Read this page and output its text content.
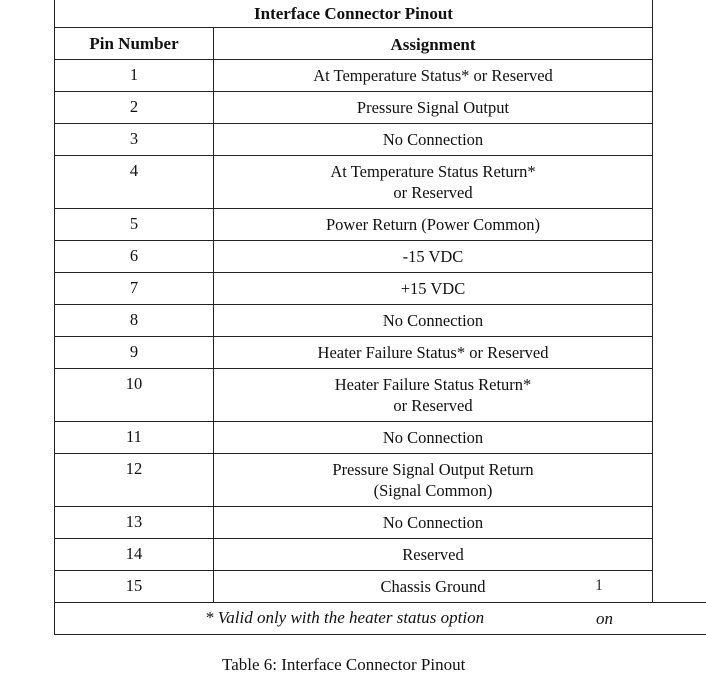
Interface Connector Pinout
Pin Number	Assignment
1	At Temperature Status* or Reserved
2	Pressure Signal Output
3	No Connection
4	At Temperature Status Return*
or Reserved
5	Power Return (Power Common)
6	-15 VDC
7	+15 VDC
8	No Connection
9	Heater Failure Status* or Reserved
10	Heater Failure Status Return*
or Reserved
11	No Connection
12	Pressure Signal Output Return
(Signal Common)
13	No Connection
14	Reserved
15	Chassis Ground	1
* Valid only with the heater status option	on
Table 6: Interface Connector Pinout
